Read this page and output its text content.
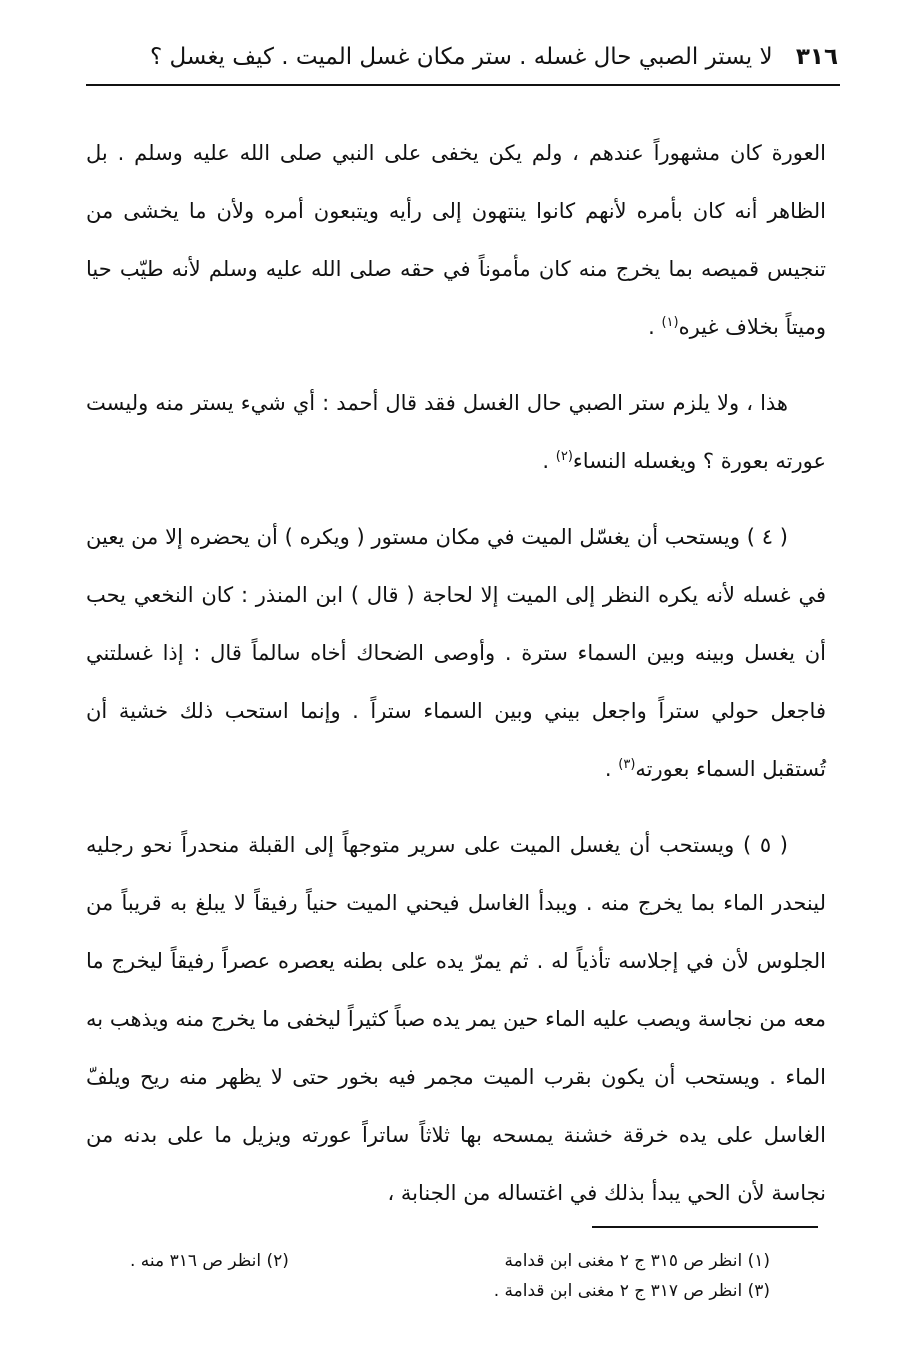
٣١٦ لا يستر الصبي حال غسله . ستر مكان غسل الميت . كيف يغسل ؟

العورة كان مشهوراً عندهم ، ولم يكن يخفى على النبي صلى الله عليه وسلم . بل الظاهر أنه كان بأمره لأنهم كانوا ينتهون إلى رأيه ويتبعون أمره ولأن ما يخشى من تنجيس قميصه بما يخرج منه كان مأموناً في حقه صلى الله عليه وسلم لأنه طيّب حيا وميتاً بخلاف غيره$^{(١)}$ .

هذا ، ولا يلزم ستر الصبي حال الغسل فقد قال أحمد : أي شيء يستر منه وليست عورته بعورة ؟ ويغسله النساء$^{(٢)}$ .

( ٤ ) ويستحب أن يغسّل الميت في مكان مستور ( ويكره ) أن يحضره إلا من يعين في غسله لأنه يكره النظر إلى الميت إلا لحاجة ( قال ) ابن المنذر : كان النخعي يحب أن يغسل وبينه وبين السماء سترة . وأوصى الضحاك أخاه سالماً قال : إذا غسلتني فاجعل حولي ستراً واجعل بيني وبين السماء ستراً . وإنما استحب ذلك خشية أن تُستقبل السماء بعورته$^{(٣)}$ .

( ٥ ) ويستحب أن يغسل الميت على سرير متوجهاً إلى القبلة منحدراً نحو رجليه لينحدر الماء بما يخرج منه . ويبدأ الغاسل فيحني الميت حنياً رفيقاً لا يبلغ به قريباً من الجلوس لأن في إجلاسه تأذياً له . ثم يمرّ يده على بطنه يعصره عصراً رفيقاً ليخرج ما معه من نجاسة ويصب عليه الماء حين يمر يده صباً كثيراً ليخفى ما يخرج منه ويذهب به الماء . ويستحب أن يكون بقرب الميت مجمر فيه بخور حتى لا يظهر منه ريح ويلفّ الغاسل على يده خرقة خشنة يمسحه بها ثلاثاً ساتراً عورته ويزيل ما على بدنه من نجاسة لأن الحي يبدأ بذلك في اغتساله من الجنابة ،

(١) انظر ص ٣١٥ ج ٢ مغنى ابن قدامة
(٢) انظر ص ٣١٦ منه .
(٣) انظر ص ٣١٧ ج ٢ مغنى ابن قدامة .
